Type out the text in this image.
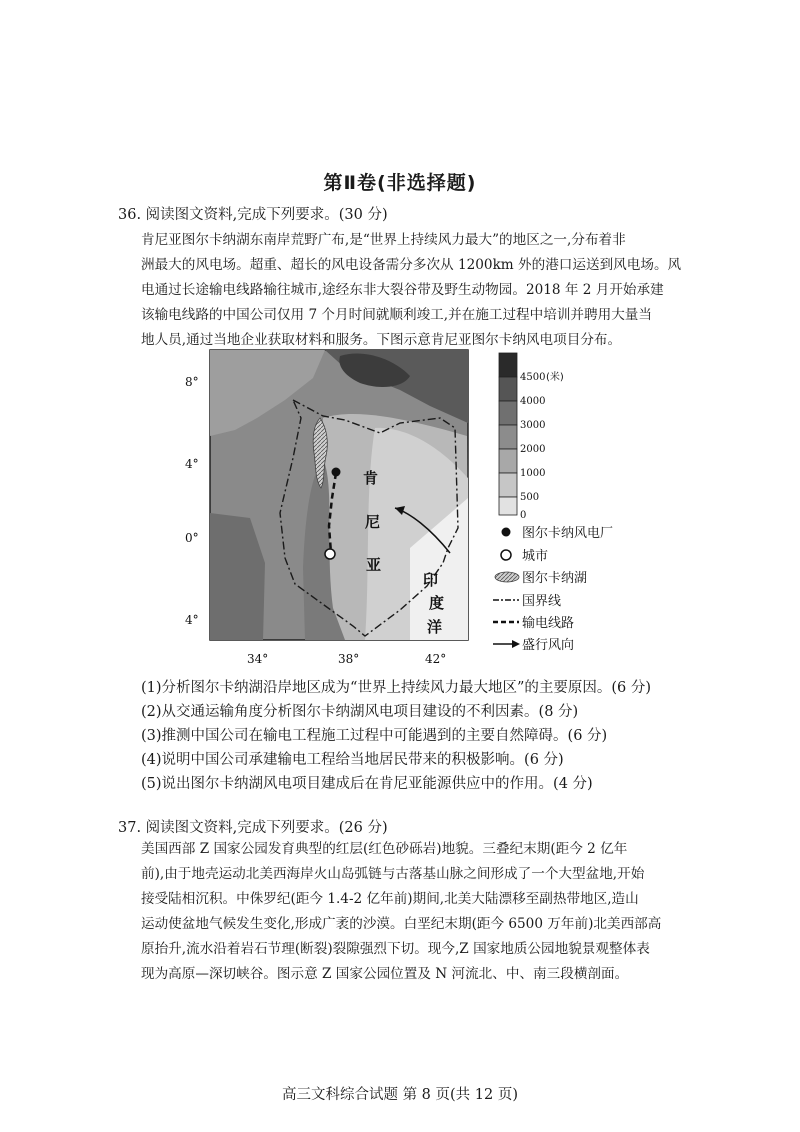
第Ⅱ卷(非选择题)
36. 阅读图文资料,完成下列要求。(30 分)
肯尼亚图尔卡纳湖东南岸荒野广布,是“世界上持续风力最大”的地区之一,分布着非
洲最大的风电场。超重、超长的风电设备需分多次从 1200km 外的港口运送到风电场。风
电通过长途输电线路输往城市,途经东非大裂谷带及野生动物园。2018 年 2 月开始承建
该输电线路的中国公司仅用 7 个月时间就顺利竣工,并在施工过程中培训并聘用大量当
地人员,通过当地企业获取材料和服务。下图示意肯尼亚图尔卡纳风电项目分布。
肯
尼
亚
印
度
洋
8°
4°
0°
4°
34°	38°	42°
4500 (米)
4000
3000
2000
1000
500
0
图尔卡纳风电厂
城市
图尔卡纳湖
国界线
输电线路
盛行风向
(1)分析图尔卡纳湖沿岸地区成为“世界上持续风力最大地区”的主要原因。(6 分)
(2)从交通运输角度分析图尔卡纳湖风电项目建设的不利因素。(8 分)
(3)推测中国公司在输电工程施工过程中可能遇到的主要自然障碍。(6 分)
(4)说明中国公司承建输电工程给当地居民带来的积极影响。(6 分)
(5)说出图尔卡纳湖风电项目建成后在肯尼亚能源供应中的作用。(4 分)
37. 阅读图文资料,完成下列要求。(26 分)
美国西部 Z 国家公园发育典型的红层(红色砂砾岩)地貌。三叠纪末期(距今 2 亿年
前),由于地壳运动北美西海岸火山岛弧链与古落基山脉之间形成了一个大型盆地,开始
接受陆相沉积。中侏罗纪(距今 1.4-2 亿年前)期间,北美大陆漂移至副热带地区,造山
运动使盆地气候发生变化,形成广袤的沙漠。白垩纪末期(距今 6500 万年前)北美西部高
原抬升,流水沿着岩石节理(断裂)裂隙强烈下切。现今,Z 国家地质公园地貌景观整体表
现为高原—深切峡谷。图示意 Z 国家公园位置及 N 河流北、中、南三段横剖面。
高三文科综合试题 第 8 页(共 12 页)
